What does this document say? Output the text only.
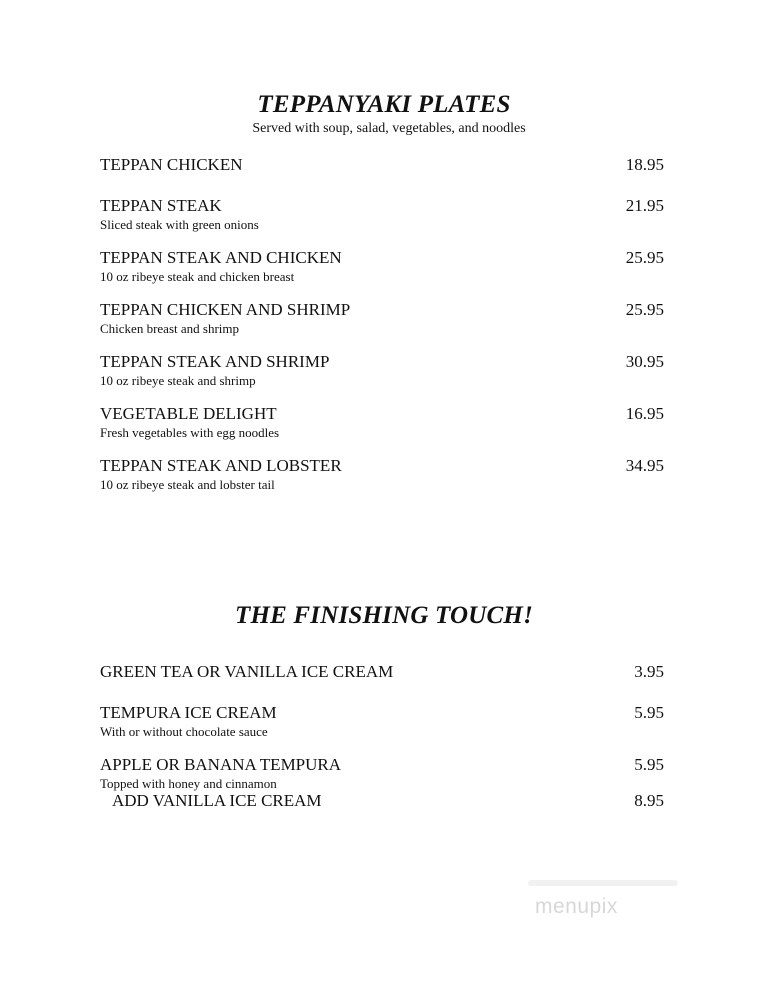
TEPPANYAKI PLATES
Served with soup, salad, vegetables, and noodles
TEPPAN CHICKEN	18.95
TEPPAN STEAK	21.95
Sliced steak with green onions
TEPPAN STEAK AND CHICKEN	25.95
10 oz ribeye steak and chicken breast
TEPPAN CHICKEN AND SHRIMP	25.95
Chicken breast and shrimp
TEPPAN STEAK AND SHRIMP	30.95
10 oz ribeye steak and shrimp
VEGETABLE DELIGHT	16.95
Fresh vegetables with egg noodles
TEPPAN STEAK AND LOBSTER	34.95
10 oz ribeye steak and lobster tail
THE FINISHING TOUCH!
GREEN TEA OR VANILLA ICE CREAM	3.95
TEMPURA ICE CREAM	5.95
With or without chocolate sauce
APPLE OR BANANA TEMPURA	5.95
Topped with honey and cinnamon
ADD VANILLA ICE CREAM	8.95
menupix
